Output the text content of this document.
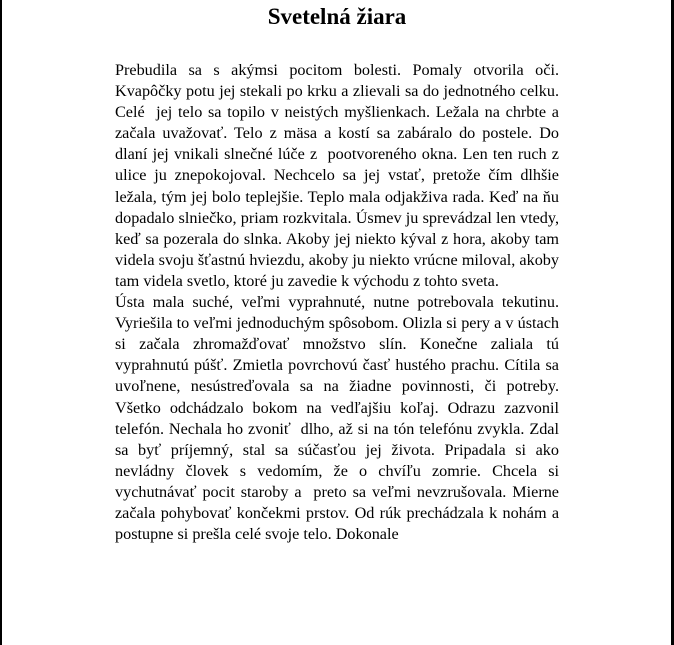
Svetelná žiara

Prebudila sa s akýmsi pocitom bolesti. Pomaly otvorila oči. Kvapôčky potu jej stekali po krku a zlievali sa do jednotného celku. Celé  jej telo sa topilo v neistých myšlienkach. Ležala na chrbte a začala uvažovať. Telo z mäsa a kostí sa zabáralo do postele. Do dlaní jej vnikali slnečné lúče z  pootvoreného okna. Len ten ruch z  ulice ju znepokojoval. Nechcelo sa jej vstať, pretože čím dlhšie ležala, tým jej bolo teplejšie. Teplo mala odjakživa rada. Keď na ňu dopadalo slniečko, priam rozkvitala. Úsmev ju sprevádzal len vtedy, keď sa pozerala do slnka. Akoby jej niekto kýval z hora, akoby tam videla svoju šťastnú hviezdu, akoby ju niekto vrúcne miloval, akoby tam videla svetlo, ktoré ju zavedie k východu z tohto sveta.

Ústa mala suché, veľmi vyprahnuté, nutne potrebovala tekutinu. Vyriešila to veľmi jednoduchým spôsobom. Olizla si pery a v ústach si začala zhromažďovať množstvo slín. Konečne zaliala tú vyprahnutú púšť. Zmietla povrchovú časť hustého prachu. Cítila sa uvoľnene, nesústreďovala sa na žiadne povinnosti, či potreby. Všetko odchádzalo bokom na vedľajšiu koľaj. Odrazu zazvonil telefón. Nechala ho zvoniť  dlho, až si na tón telefónu zvykla. Zdal sa byť príjemný, stal sa súčasťou jej života. Pripadala si ako nevládny človek s vedomím, že o chvíľu zomrie. Chcela si vychutnávať pocit staroby a  preto sa veľmi nevzrušovala. Mierne začala pohybovať končekmi prstov. Od rúk prechádzala k nohám a postupne si prešla celé svoje telo. Dokonale
